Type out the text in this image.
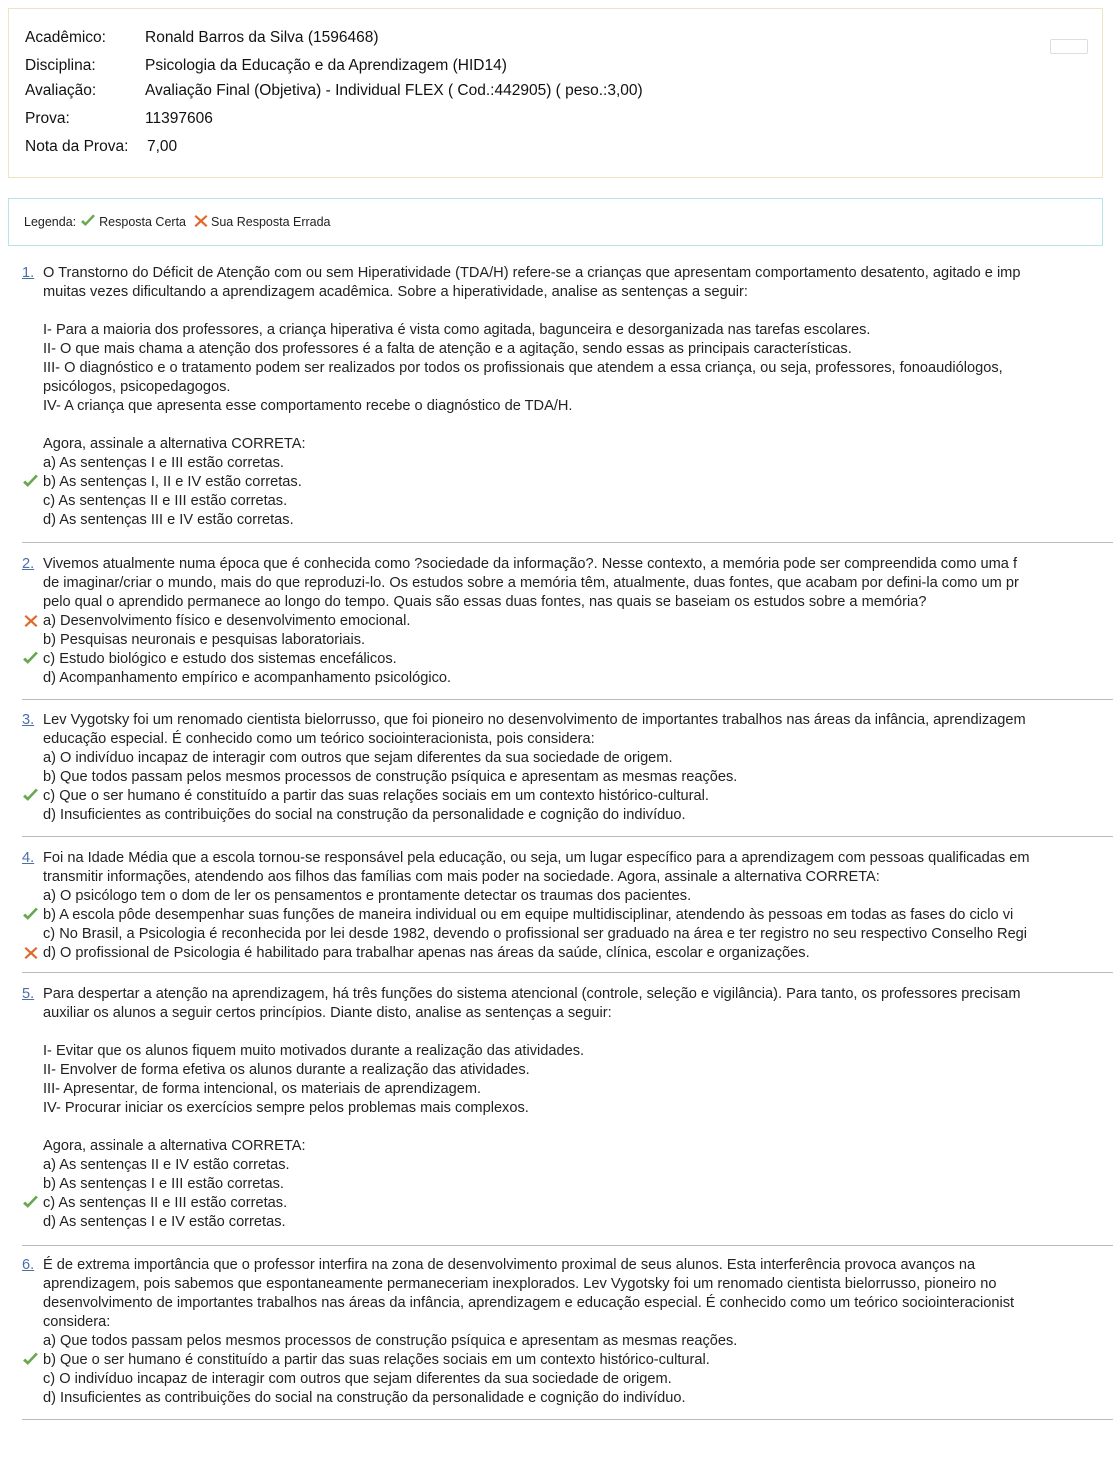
Acadêmico:	Ronald Barros da Silva (1596468)
Disciplina:	Psicologia da Educação e da Aprendizagem (HID14)
Avaliação:	Avaliação Final (Objetiva) - Individual FLEX ( Cod.:442905) ( peso.:3,00)
Prova:	11397606
Nota da Prova: 7,00
Legenda: Resposta Certa Sua Resposta Errada
1. O Transtorno do Déficit de Atenção com ou sem Hiperatividade (TDA/H) refere-se a crianças que apresentam comportamento desatento, agitado e imp
muitas vezes dificultando a aprendizagem acadêmica. Sobre a hiperatividade, analise as sentenças a seguir:
I- Para a maioria dos professores, a criança hiperativa é vista como agitada, bagunceira e desorganizada nas tarefas escolares.
II- O que mais chama a atenção dos professores é a falta de atenção e a agitação, sendo essas as principais características.
III- O diagnóstico e o tratamento podem ser realizados por todos os profissionais que atendem a essa criança, ou seja, professores, fonoaudiólogos,
psicólogos, psicopedagogos.
IV- A criança que apresenta esse comportamento recebe o diagnóstico de TDA/H.
Agora, assinale a alternativa CORRETA:
a) As sentenças I e III estão corretas.
b) As sentenças I, II e IV estão corretas.
c) As sentenças II e III estão corretas.
d) As sentenças III e IV estão corretas.
2. Vivemos atualmente numa época que é conhecida como ?sociedade da informação?. Nesse contexto, a memória pode ser compreendida como uma f
de imaginar/criar o mundo, mais do que reproduzi-lo. Os estudos sobre a memória têm, atualmente, duas fontes, que acabam por defini-la como um pr
pelo qual o aprendido permanece ao longo do tempo. Quais são essas duas fontes, nas quais se baseiam os estudos sobre a memória?
a) Desenvolvimento físico e desenvolvimento emocional.
b) Pesquisas neuronais e pesquisas laboratoriais.
c) Estudo biológico e estudo dos sistemas encefálicos.
d) Acompanhamento empírico e acompanhamento psicológico.
3. Lev Vygotsky foi um renomado cientista bielorrusso, que foi pioneiro no desenvolvimento de importantes trabalhos nas áreas da infância, aprendizagem
educação especial. É conhecido como um teórico sociointeracionista, pois considera:
a) O indivíduo incapaz de interagir com outros que sejam diferentes da sua sociedade de origem.
b) Que todos passam pelos mesmos processos de construção psíquica e apresentam as mesmas reações.
c) Que o ser humano é constituído a partir das suas relações sociais em um contexto histórico-cultural.
d) Insuficientes as contribuições do social na construção da personalidade e cognição do indivíduo.
4. Foi na Idade Média que a escola tornou-se responsável pela educação, ou seja, um lugar específico para a aprendizagem com pessoas qualificadas em
transmitir informações, atendendo aos filhos das famílias com mais poder na sociedade. Agora, assinale a alternativa CORRETA:
a) O psicólogo tem o dom de ler os pensamentos e prontamente detectar os traumas dos pacientes.
b) A escola pôde desempenhar suas funções de maneira individual ou em equipe multidisciplinar, atendendo às pessoas em todas as fases do ciclo vi
c) No Brasil, a Psicologia é reconhecida por lei desde 1982, devendo o profissional ser graduado na área e ter registro no seu respectivo Conselho Regi
d) O profissional de Psicologia é habilitado para trabalhar apenas nas áreas da saúde, clínica, escolar e organizações.
5. Para despertar a atenção na aprendizagem, há três funções do sistema atencional (controle, seleção e vigilância). Para tanto, os professores precisam
auxiliar os alunos a seguir certos princípios. Diante disto, analise as sentenças a seguir:
I- Evitar que os alunos fiquem muito motivados durante a realização das atividades.
II- Envolver de forma efetiva os alunos durante a realização das atividades.
III- Apresentar, de forma intencional, os materiais de aprendizagem.
IV- Procurar iniciar os exercícios sempre pelos problemas mais complexos.
Agora, assinale a alternativa CORRETA:
a) As sentenças II e IV estão corretas.
b) As sentenças I e III estão corretas.
c) As sentenças II e III estão corretas.
d) As sentenças I e IV estão corretas.
6. É de extrema importância que o professor interfira na zona de desenvolvimento proximal de seus alunos. Esta interferência provoca avanços na
aprendizagem, pois sabemos que espontaneamente permaneceriam inexplorados. Lev Vygotsky foi um renomado cientista bielorrusso, pioneiro no
desenvolvimento de importantes trabalhos nas áreas da infância, aprendizagem e educação especial. É conhecido como um teórico sociointeracionist
considera:
a) Que todos passam pelos mesmos processos de construção psíquica e apresentam as mesmas reações.
b) Que o ser humano é constituído a partir das suas relações sociais em um contexto histórico-cultural.
c) O indivíduo incapaz de interagir com outros que sejam diferentes da sua sociedade de origem.
d) Insuficientes as contribuições do social na construção da personalidade e cognição do indivíduo.
